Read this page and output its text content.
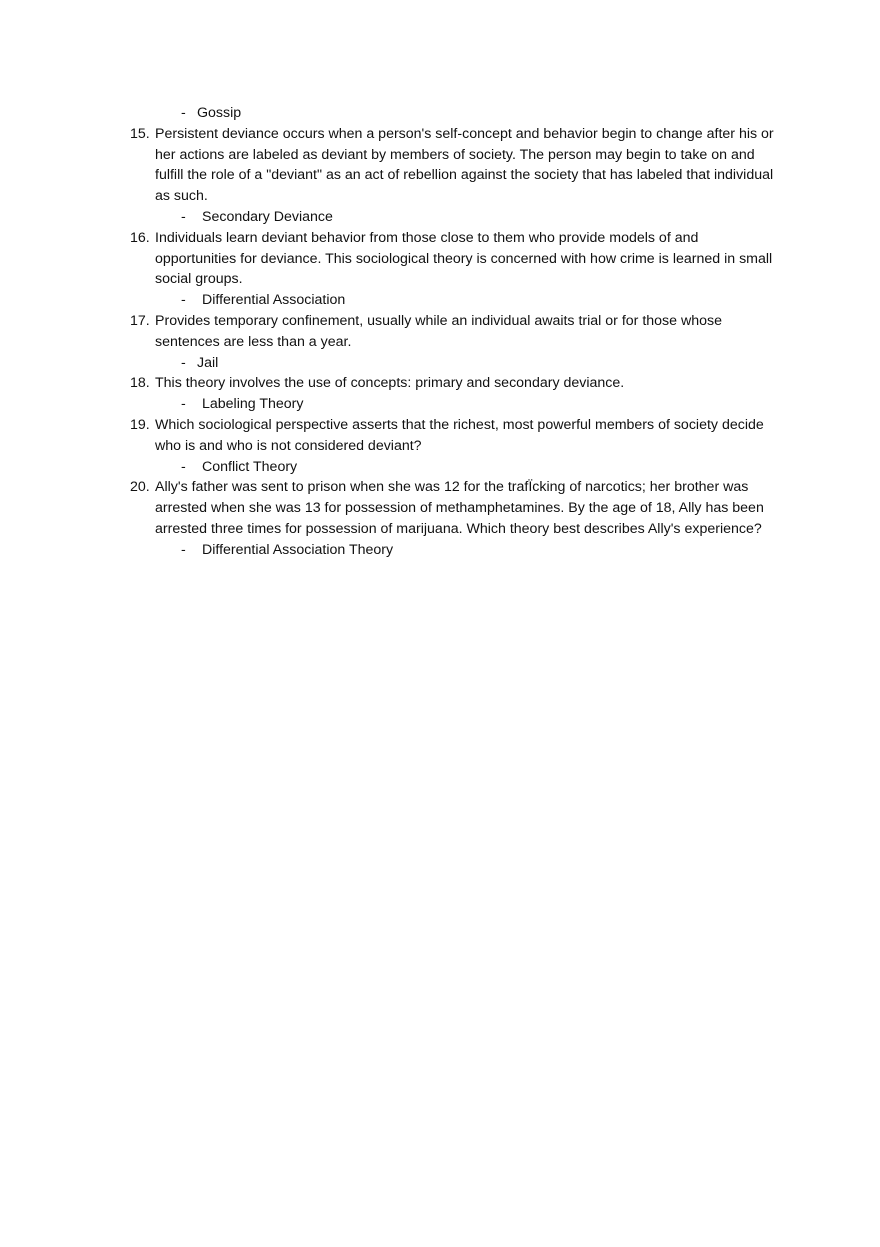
- Gossip
15. Persistent deviance occurs when a person's self-concept and behavior begin to change after his or her actions are labeled as deviant by members of society. The person may begin to take on and fulfill the role of a "deviant" as an act of rebellion against the society that has labeled that individual as such.
- Secondary Deviance
16. Individuals learn deviant behavior from those close to them who provide models of and opportunities for deviance. This sociological theory is concerned with how crime is learned in small social groups.
- Differential Association
17. Provides temporary confinement, usually while an individual awaits trial or for those whose sentences are less than a year.
- Jail
18. This theory involves the use of concepts: primary and secondary deviance.
- Labeling Theory
19. Which sociological perspective asserts that the richest, most powerful members of society decide who is and who is not considered deviant?
- Conflict Theory
20. Ally's father was sent to prison when she was 12 for the trafÏcking of narcotics; her brother was arrested when she was 13 for possession of methamphetamines. By the age of 18, Ally has been arrested three times for possession of marijuana. Which theory best describes Ally's experience?
- Differential Association Theory
